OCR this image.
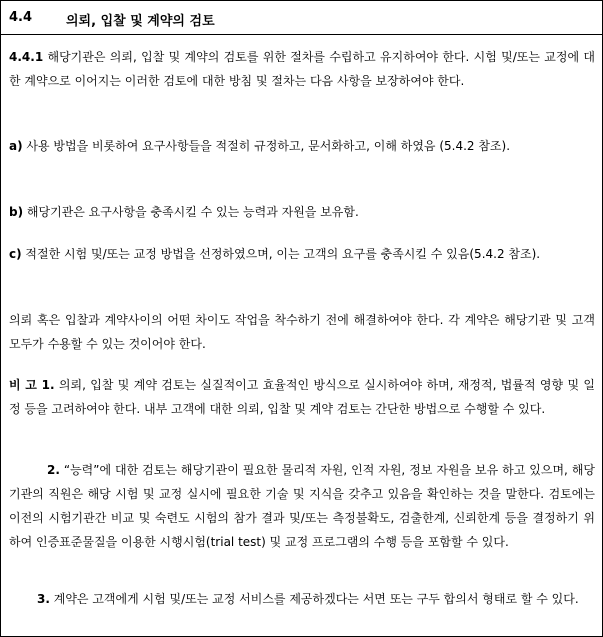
4.4	의뢰, 입찰 및 계약의 검토

4.4.1 해당기관은 의뢰, 입찰 및 계약의 검토를 위한 절차를 수립하고 유지하여야 한다. 시험 및/또는 교정에 대한 계약으로 이어지는 이러한 검토에 대한 방침 및 절차는 다음 사항을 보장하여야 한다.

a) 사용 방법을 비롯하여 요구사항들을 적절히 규정하고, 문서화하고, 이해 하였음 (5.4.2 참조).

b) 해당기관은 요구사항을 충족시킬 수 있는 능력과 자원을 보유함.

c) 적절한 시험 및/또는 교정 방법을 선정하였으며, 이는 고객의 요구를 충족시킬 수 있음(5.4.2 참조).

의뢰 혹은 입찰과 계약사이의 어떤 차이도 작업을 착수하기 전에 해결하여야 한다. 각 계약은 해당기관 및 고객 모두가 수용할 수 있는 것이어야 한다.

비 고 1. 의뢰, 입찰 및 계약 검토는 실질적이고 효율적인 방식으로 실시하여야 하며, 재정적, 법률적 영향 및 일정 등을 고려하여야 한다. 내부 고객에 대한 의뢰, 입찰 및 계약 검토는 간단한 방법으로 수행할 수 있다.

2. “능력”에 대한 검토는 해당기관이 필요한 물리적 자원, 인적 자원, 정보 자원을 보유 하고 있으며, 해당기관의 직원은 해당 시험 및 교정 실시에 필요한 기술 및 지식을 갖추고 있음을 확인하는 것을 말한다. 검토에는 이전의 시험기관간 비교 및 숙련도 시험의 참가 결과 및/또는 측정불확도, 검출한계, 신뢰한계 등을 결정하기 위하여 인증표준물질을 이용한 시행시험(trial test) 및 교정 프로그램의 수행 등을 포함할 수 있다.

3. 계약은 고객에게 시험 및/또는 교정 서비스를 제공하겠다는 서면 또는 구두 합의서 형태로 할 수 있다.
